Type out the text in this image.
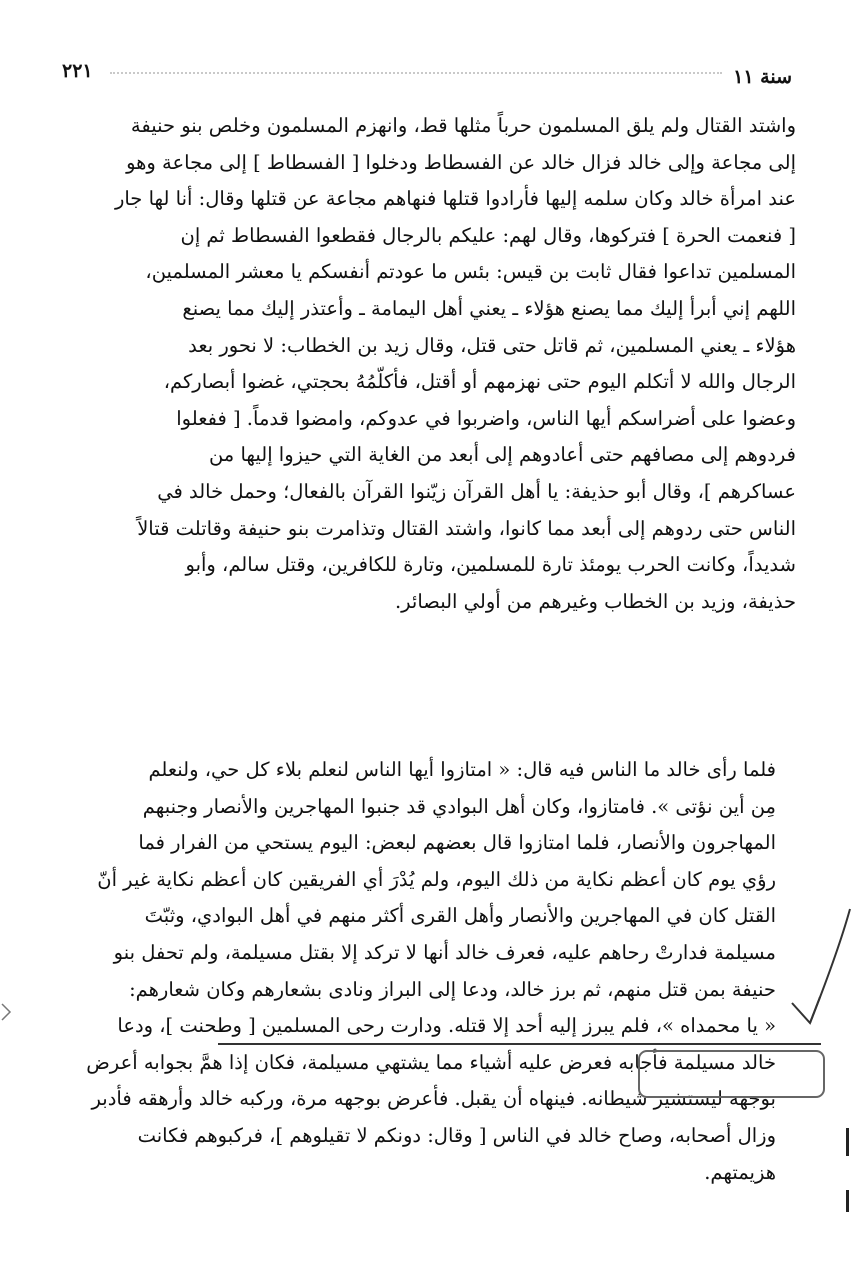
سنة ١١
٢٢١
واشتد القتال ولم يلق المسلمون حرباً مثلها قط، وانهزم المسلمون وخلص بنو حنيفة
إلى مجاعة وإلى خالد فزال خالد عن الفسطاط ودخلوا [ الفسطاط ] إلى مجاعة وهو
عند امرأة خالد وكان سلمه إليها فأرادوا قتلها فنهاهم مجاعة عن قتلها وقال: أنا لها جار
[ فنعمت الحرة ] فتركوها، وقال لهم: عليكم بالرجال فقطعوا الفسطاط ثم إن
المسلمين تداعوا فقال ثابت بن قيس: بئس ما عودتم أنفسكم يا معشر المسلمين،
اللهم إني أبرأ إليك مما يصنع هؤلاء ـ يعني أهل اليمامة ـ وأعتذر إليك مما يصنع
هؤلاء ـ يعني المسلمين، ثم قاتل حتى قتل، وقال زيد بن الخطاب: لا نحور بعد
الرجال والله لا أتكلم اليوم حتى نهزمهم أو أقتل، فأكلّمُهُ بحجتي، غضوا أبصاركم،
وعضوا على أضراسكم أيها الناس، واضربوا في عدوكم، وامضوا قدماً. [ ففعلوا
فردوهم إلى مصافهم حتى أعادوهم إلى أبعد من الغاية التي حيزوا إليها من
عساكرهم ]، وقال أبو حذيفة: يا أهل القرآن زيّنوا القرآن بالفعال؛ وحمل خالد في
الناس حتى ردوهم إلى أبعد مما كانوا، واشتد القتال وتذامرت بنو حنيفة وقاتلت قتالاً
شديداً، وكانت الحرب يومئذ تارة للمسلمين، وتارة للكافرين، وقتل سالم، وأبو
حذيفة، وزيد بن الخطاب وغيرهم من أولي البصائر.
فلما رأى خالد ما الناس فيه قال: « امتازوا أيها الناس لنعلم بلاء كل حي، ولنعلم
مِن أين نؤتى ». فامتازوا، وكان أهل البوادي قد جنبوا المهاجرين والأنصار وجنبهم
المهاجرون والأنصار، فلما امتازوا قال بعضهم لبعض: اليوم يستحي من الفرار فما
رؤي يوم كان أعظم نكاية من ذلك اليوم، ولم يُدْرَ أي الفريقين كان أعظم نكاية غير أنّ
القتل كان في المهاجرين والأنصار وأهل القرى أكثر منهم في أهل البوادي، وثبّتَ
مسيلمة فدارتْ رحاهم عليه، فعرف خالد أنها لا تركد إلا بقتل مسيلمة، ولم تحفل بنو
حنيفة بمن قتل منهم، ثم برز خالد، ودعا إلى البراز ونادى بشعارهم وكان شعارهم:
« يا محمداه »، فلم يبرز إليه أحد إلا قتله. ودارت رحى المسلمين [ وطحنت ]، ودعا
خالد مسيلمة فأجابه فعرض عليه أشياء مما يشتهي مسيلمة، فكان إذا همَّ بجوابه أعرض
بوجهه ليستشير شيطانه. فينهاه أن يقبل. فأعرض بوجهه مرة، وركبه خالد وأرهقه فأدبر
وزال أصحابه، وصاح خالد في الناس [ وقال: دونكم لا تقيلوهم ]، فركبوهم فكانت
هزيمتهم.
